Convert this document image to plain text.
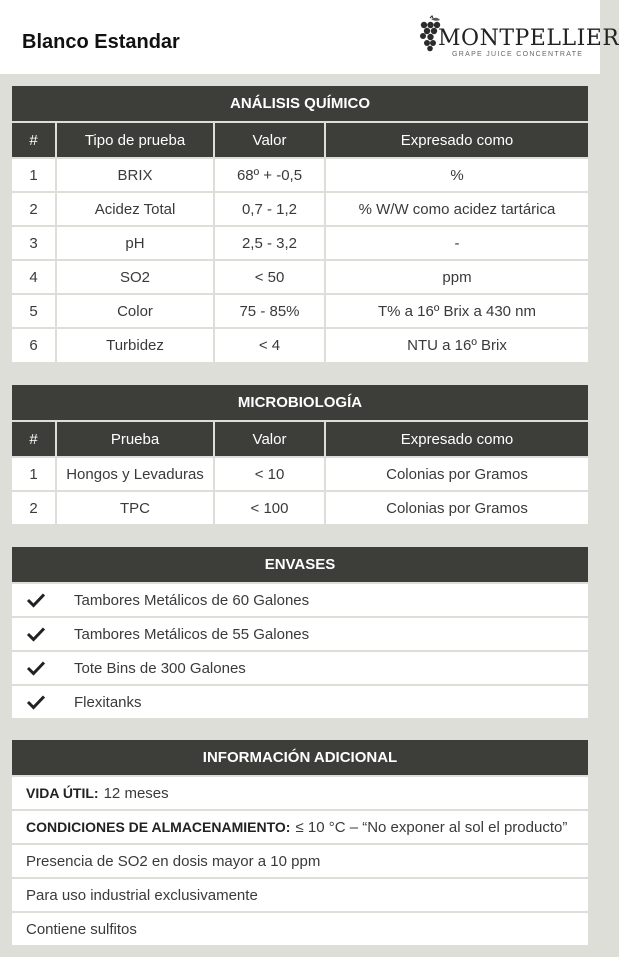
Blanco Estandar	MONTPELLIER
GRAPE JUICE CONCENTRATE
ANÁLISIS QUÍMICO
#	Tipo de prueba	Valor	Expresado como
1	BRIX	68º + -0,5	%
2	Acidez Total	0,7 - 1,2	% W/W como acidez tartárica
3	pH	2,5 - 3,2	-
4	SO2	< 50	ppm
5	Color	75 - 85%	T% a 16º Brix a 430 nm
6	Turbidez	< 4	NTU a 16º Brix
MICROBIOLOGÍA
#	Prueba	Valor	Expresado como
1	Hongos y Levaduras	< 10	Colonias por Gramos
2	TPC	< 100	Colonias por Gramos
ENVASES
Tambores Metálicos de 60 Galones
Tambores Metálicos de 55 Galones
Tote Bins de 300 Galones
Flexitanks
INFORMACIÓN ADICIONAL
VIDA ÚTIL: 12 meses
CONDICIONES DE ALMACENAMIENTO: ≤ 10 °C – “No exponer al sol el producto”
Presencia de SO2 en dosis mayor a 10 ppm
Para uso industrial exclusivamente
Contiene sulfitos
